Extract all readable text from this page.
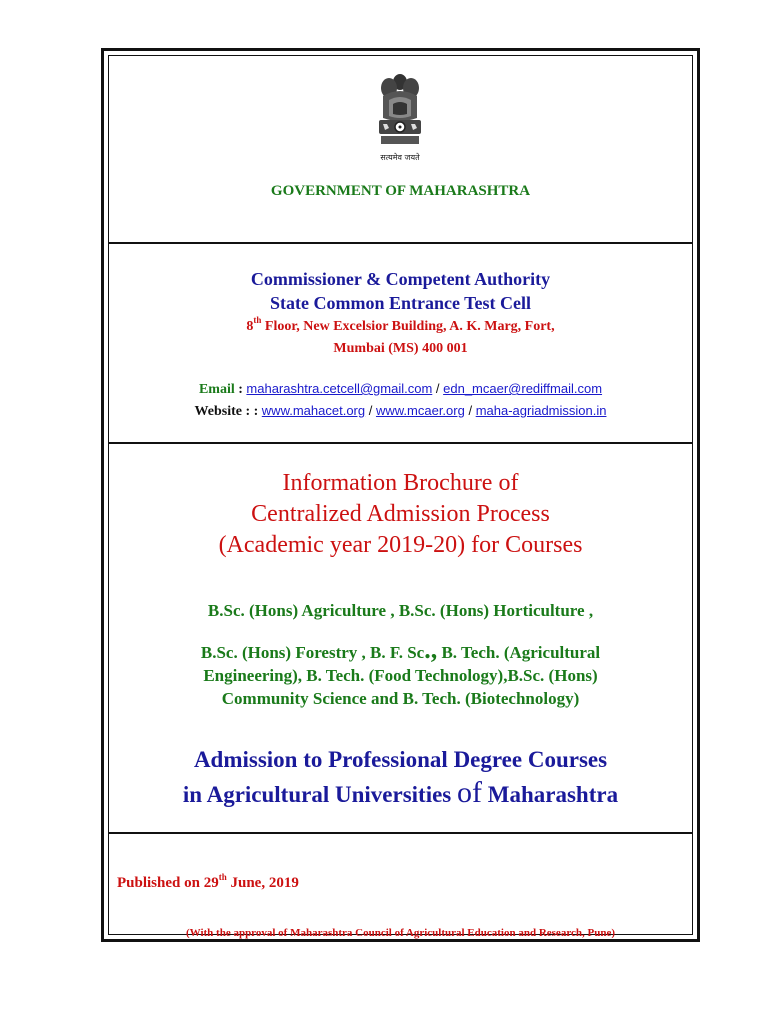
सत्यमेव जयते
GOVERNMENT OF MAHARASHTRA
Commissioner & Competent Authority
State Common Entrance Test Cell
8th Floor, New Excelsior Building, A. K. Marg, Fort,
Mumbai (MS) 400 001
Email : maharashtra.cetcell@gmail.com / edn_mcaer@rediffmail.com
Website : : www.mahacet.org / www.mcaer.org / maha-agriadmission.in
Information Brochure of
Centralized Admission Process
(Academic year 2019-20) for Courses
B.Sc. (Hons) Agriculture , B.Sc. (Hons) Horticulture ,
B.Sc. (Hons) Forestry , B. F. Sc., B. Tech. (Agricultural
Engineering), B. Tech. (Food Technology),B.Sc. (Hons)
Community Science and B. Tech. (Biotechnology)
Admission to Professional Degree Courses
in Agricultural Universities of Maharashtra
Published on 29th June, 2019
(With the approval of Maharashtra Council of Agricultural Education and Research, Pune)
